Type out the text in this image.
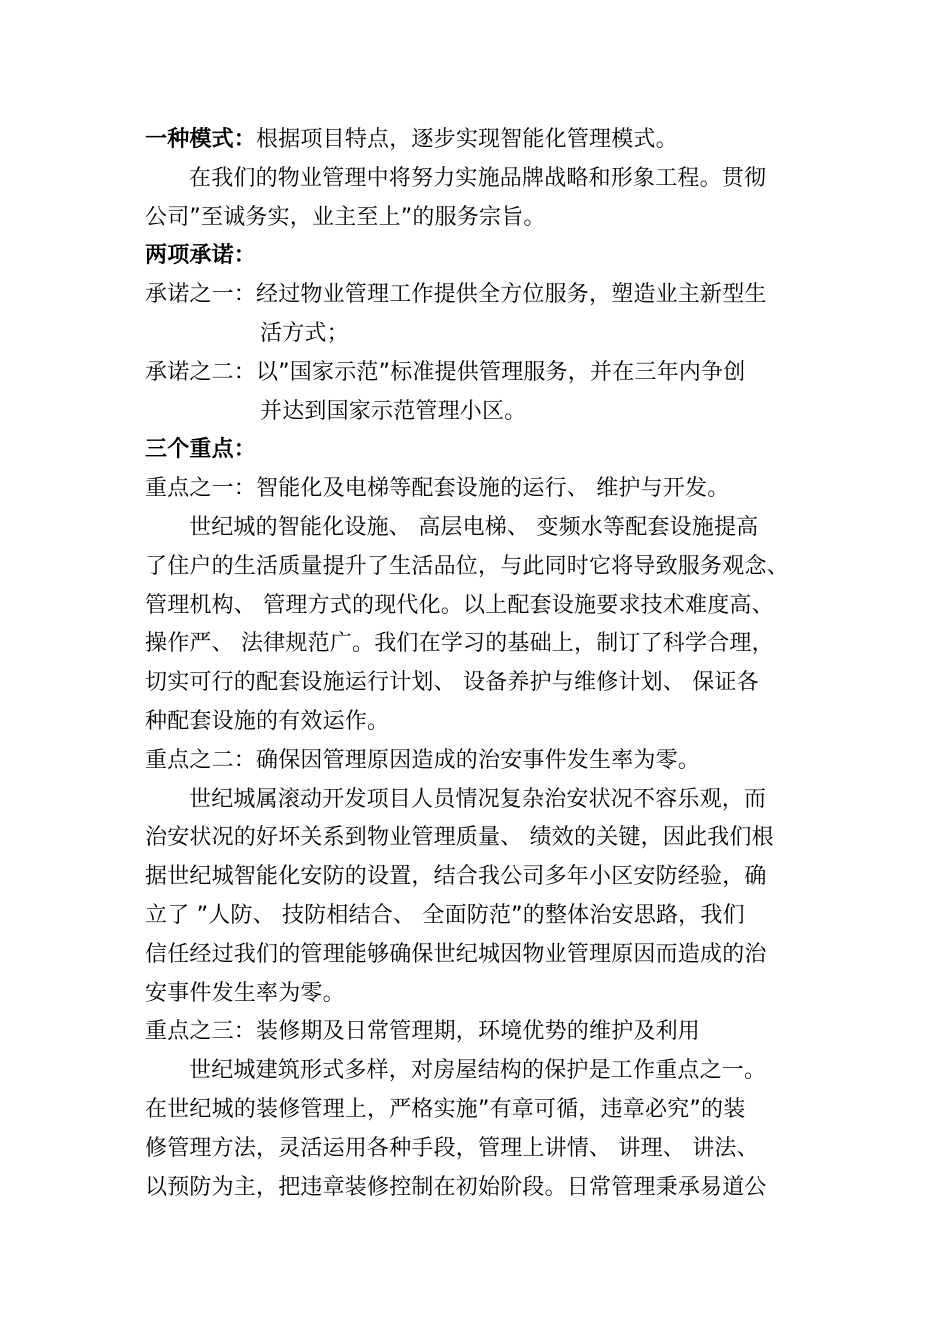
一种模式：根据项目特点，逐步实现智能化管理模式。
在我们的物业管理中将努力实施品牌战略和形象工程。贯彻
公司”至诚务实，业主至上”的服务宗旨。
两项承诺：
承诺之一：经过物业管理工作提供全方位服务，塑造业主新型生
活方式；
承诺之二：以”国家示范”标准提供管理服务，并在三年内争创
并达到国家示范管理小区。
三个重点：
重点之一：智能化及电梯等配套设施的运行、 维护与开发。
世纪城的智能化设施、 高层电梯、 变频水等配套设施提高
了住户的生活质量提升了生活品位，与此同时它将导致服务观念、
管理机构、 管理方式的现代化。以上配套设施要求技术难度高、
操作严、 法律规范广。我们在学习的基础上，制订了科学合理，
切实可行的配套设施运行计划、 设备养护与维修计划、 保证各
种配套设施的有效运作。
重点之二：确保因管理原因造成的治安事件发生率为零。
世纪城属滚动开发项目人员情况复杂治安状况不容乐观，而
治安状况的好坏关系到物业管理质量、 绩效的关键，因此我们根
据世纪城智能化安防的设置，结合我公司多年小区安防经验，确
立了 ”人防、 技防相结合、 全面防范”的整体治安思路，我们
信任经过我们的管理能够确保世纪城因物业管理原因而造成的治
安事件发生率为零。
重点之三：装修期及日常管理期，环境优势的维护及利用
世纪城建筑形式多样，对房屋结构的保护是工作重点之一。
在世纪城的装修管理上，严格实施”有章可循，违章必究”的装
修管理方法，灵活运用各种手段，管理上讲情、 讲理、 讲法、
以预防为主，把违章装修控制在初始阶段。日常管理秉承易道公
